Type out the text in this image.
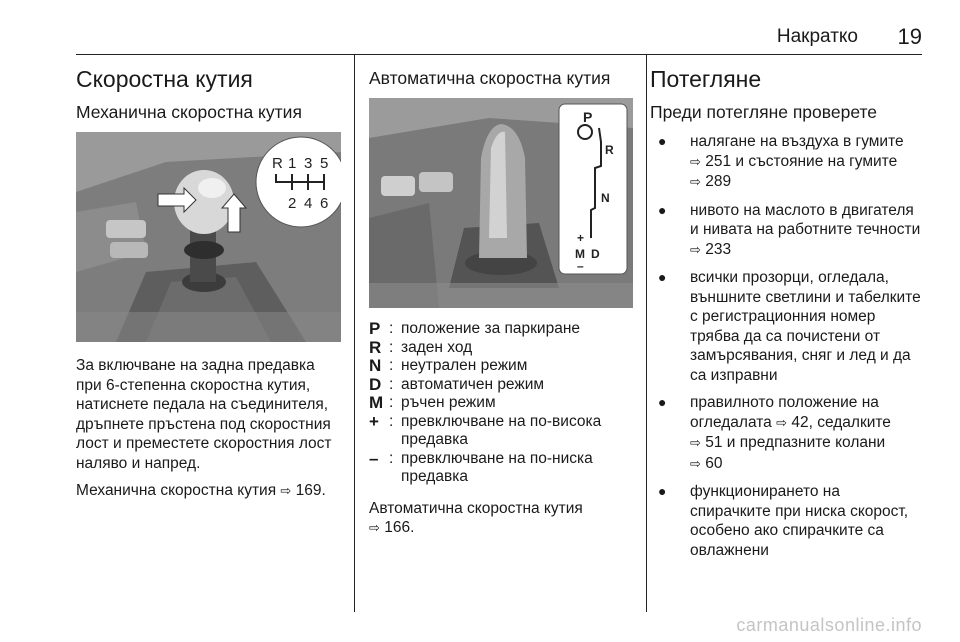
Накратко 19
Скоростна кутия
Механична скоростна кутия
R 1 3 5
2 4 6

За включване на задна предавка при 6-степенна скоростна кутия, натиснете педала на съединителя, дръпнете пръстена под скоростния лост и преместете скоростния лост наляво и напред.

Механична скоростна кутия ⇨ 169.

Автоматична скоростна кутия
P
R
N
+
M D
–
P : положение за паркиране
R : заден ход
N : неутрален режим
D : автоматичен режим
M : ръчен режим
+ : превключване на по-висока предавка
– : превключване на по-ниска предавка

Автоматична скоростна кутия
⇨ 166.

Потегляне
Преди потегляне проверете
● налягане на въздуха в гумите
⇨ 251 и състояние на гумите
⇨ 289
● нивото на маслото в двигателя и нивата на работните течности ⇨ 233
● всички прозорци, огледала, външните светлини и табелките с регистрационния номер трябва да са почистени от замърсявания, сняг и лед и да са изправни
● правилното положение на огледалата ⇨ 42, седалките
⇨ 51 и предпазните колани
⇨ 60
● функционирането на спирачките при ниска скорост, особено ако спирачките са овлажнени
carmanualsonline.info
